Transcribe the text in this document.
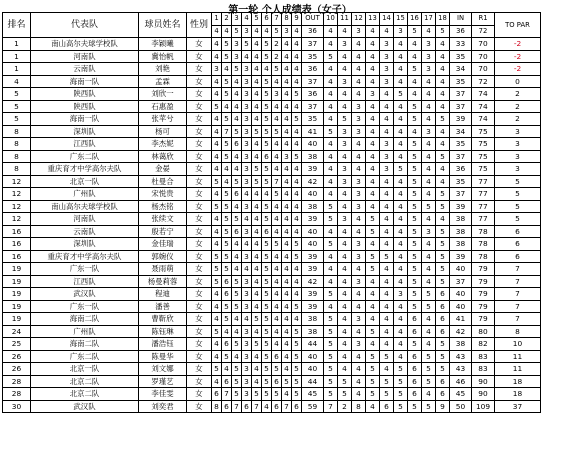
第一轮 个人成绩表（女子）
排名	代表队	球员姓名	性别	1	2	3	4	5	6	7	8	9	OUT	10	11	12	13	14	15	16	17	18	IN	R1	TO PAR
				4	4	5	3	4	4	5	3	4	36	4	4	3	4	4	3	5	4	5	36	72	
1	南山高尔夫球学校队	李颖曦	女	4	5	3	5	4	5	2	4	4	37	4	3	4	4	3	4	4	3	4	33	70	-2
1	河南队	冀怡帆	女	4	5	3	4	4	5	2	4	4	35	5	4	4	4	3	4	4	3	4	35	70	-2
1	云南队	刘艳	女	3	4	5	3	4	4	5	4	4	36	4	4	4	4	3	4	5	3	4	34	70	-2
4	海南一队	孟霖	女	4	5	4	3	4	5	4	4	4	37	4	3	4	4	3	4	4	4	4	35	72	0
5	陕西队	刘欣一	女	4	5	4	3	4	5	3	4	5	36	4	4	4	3	4	5	4	4	4	37	74	2
5	陕西队	石惠盈	女	5	4	4	3	4	5	4	4	4	37	4	4	3	4	4	4	5	4	4	37	74	2
5	海南一队	张苹兮	女	4	5	4	3	4	5	4	4	5	35	4	5	3	4	4	4	5	4	5	39	74	2
8	深圳队	杨可	女	4	7	5	3	5	5	5	4	4	41	5	3	3	4	4	4	4	3	4	34	75	3
8	江西队	李杰妮	女	4	5	6	3	4	5	4	4	4	40	4	3	4	4	3	4	5	4	4	35	75	3
8	广东二队	林蔼欣	女	4	5	4	3	4	6	4	3	5	38	4	4	4	4	3	4	5	4	5	37	75	3
8	重庆育才中学高尔夫队	金晏	女	4	4	4	3	5	5	4	4	4	39	4	3	4	4	3	5	5	4	4	36	75	3
12	北京一队	杜曼合	女	5	4	5	3	5	5	7	4	4	42	4	3	3	4	4	4	5	4	4	35	77	5
12	广州队	宋悦贵	女	4	5	6	4	4	4	5	4	4	40	4	4	3	4	4	4	5	4	5	37	77	5
12	南山高尔夫球学校队	杨杰铭	女	5	5	4	3	4	5	4	4	4	38	5	4	3	4	4	4	5	5	5	39	77	5
12	河南队	张续文	女	4	5	5	4	4	5	4	4	4	39	5	3	4	5	4	4	5	4	4	38	77	5
16	云南队	殷若宁	女	4	5	6	3	4	6	4	4	4	40	4	4	4	5	4	4	5	3	5	38	78	6
16	深圳队	金佳瑞	女	4	5	4	4	4	5	5	4	5	40	5	4	3	4	4	4	5	4	5	38	78	6
16	重庆育才中学高尔夫队	郭婉仪	女	5	5	4	3	4	5	4	4	5	39	4	4	3	5	5	4	5	4	5	39	78	6
19	广东一队	聂雨萌	女	5	5	4	4	4	5	4	4	4	39	4	4	4	5	4	4	5	4	5	40	79	7
19	江西队	杨曼莉蓉	女	5	6	5	3	4	5	4	4	4	42	4	4	3	4	4	4	5	4	5	37	79	7
19	武汉队	程迪	女	4	6	5	3	4	5	4	4	4	39	5	4	4	4	4	3	5	5	6	40	79	7
19	广东一队	潘善	女	4	5	5	3	4	5	4	4	5	39	4	4	4	4	4	4	5	5	6	40	79	7
19	海南二队	曹靳欣	女	4	5	4	4	5	5	4	4	4	38	5	4	3	4	4	4	6	4	6	41	79	7
24	广州队	陈钰琳	女	5	4	4	3	4	5	4	4	5	38	5	4	4	5	4	4	6	4	6	42	80	8
25	海南二队	潘浩钰	女	4	6	5	3	5	5	4	4	5	44	5	4	3	4	4	4	5	4	5	38	82	10
26	广东二队	陈曼华	女	4	5	4	3	4	5	6	4	5	40	5	4	4	5	5	4	6	5	5	43	83	11
26	北京一队	刘文娜	女	5	4	5	3	4	5	5	4	5	40	5	4	4	5	4	5	6	5	5	43	83	11
28	北京二队	罗瑾艺	女	4	6	5	3	4	5	6	5	5	44	5	5	4	5	5	5	6	5	6	46	90	18
28	北京二队	李佳雯	女	6	7	5	3	5	5	5	4	5	45	5	5	4	5	5	5	6	4	6	45	90	18
30	武汉队	刘奕君	女	8	6	7	6	7	4	6	7	6	59	7	2	8	4	6	5	5	5	9	50	109	37
